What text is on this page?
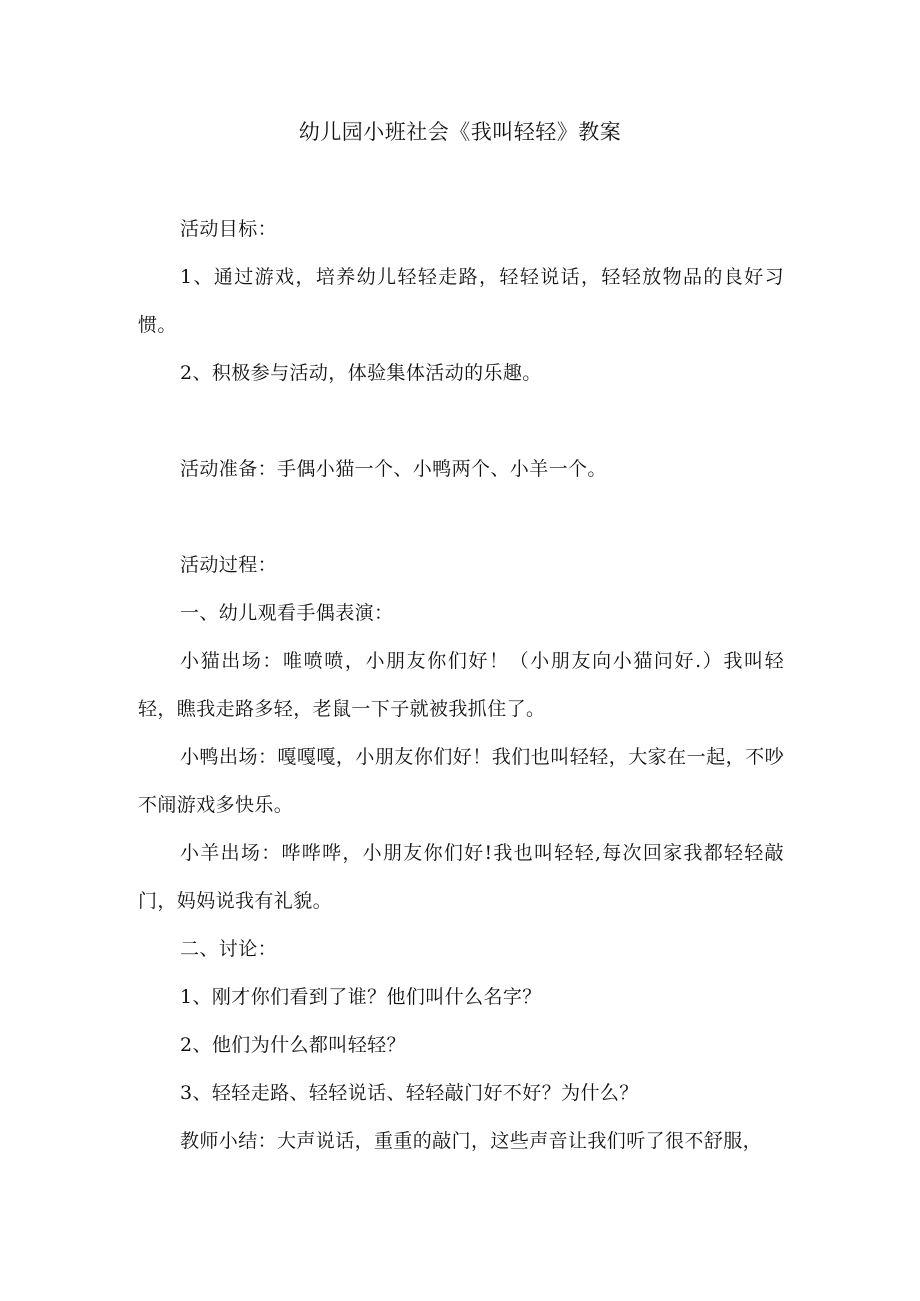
幼儿园小班社会《我叫轻轻》教案

活动目标：

1、通过游戏，培养幼儿轻轻走路，轻轻说话，轻轻放物品的良好习惯。

2、积极参与活动，体验集体活动的乐趣。

活动准备：手偶小猫一个、小鸭两个、小羊一个。

活动过程：

一、幼儿观看手偶表演：

小猫出场：唯喷喷，小朋友你们好！（小朋友向小猫问好.）我叫轻轻，瞧我走路多轻，老鼠一下子就被我抓住了。

小鸭出场：嘎嘎嘎，小朋友你们好！我们也叫轻轻，大家在一起，不吵不闹游戏多快乐。

小羊出场：哗哗哗，小朋友你们好!我也叫轻轻,每次回家我都轻轻敲门，妈妈说我有礼貌。

二、讨论：

1、刚才你们看到了谁？他们叫什么名字？

2、他们为什么都叫轻轻？

3、轻轻走路、轻轻说话、轻轻敲门好不好？为什么？

教师小结：大声说话，重重的敲门，这些声音让我们听了很不舒服，
